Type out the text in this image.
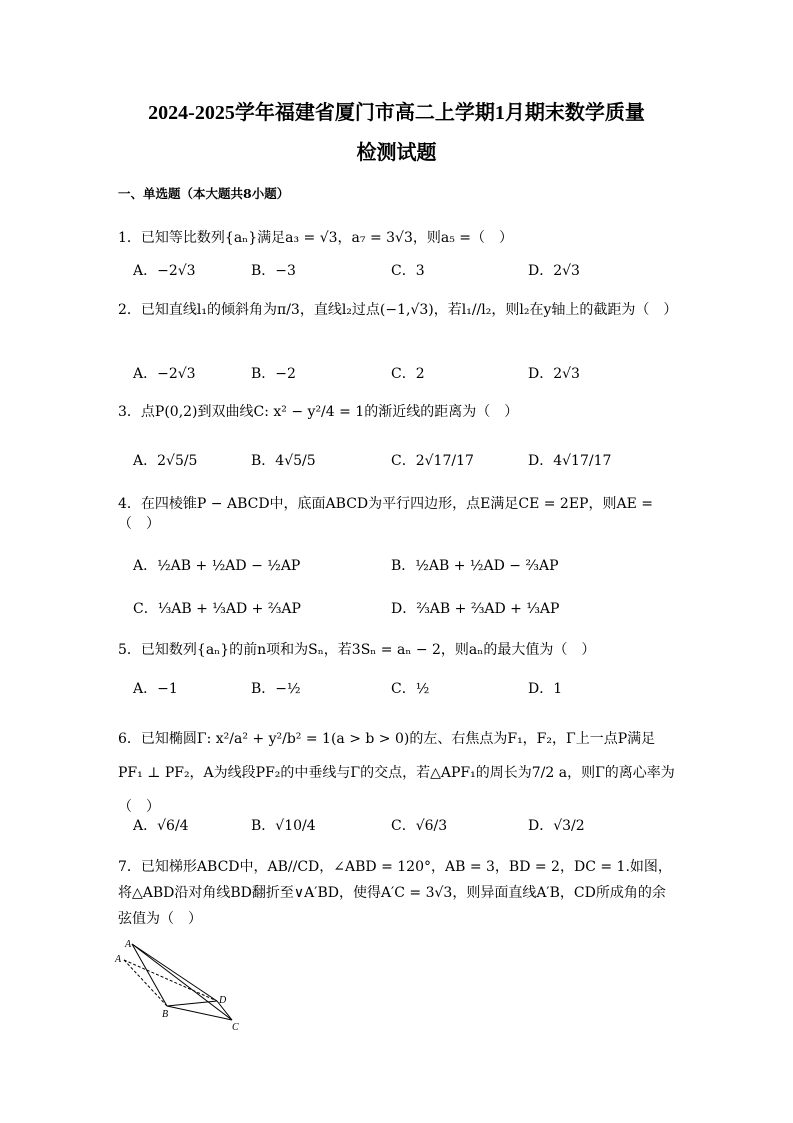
2024-2025学年福建省厦门市高二上学期1月期末数学质量
检测试题
一、单选题（本大题共8小题）
1．已知等比数列{aₙ}满足a₃ = √3，a₇ = 3√3，则a₅ =（　）
A．−2√3	B．−3	C．3	D．2√3
2．已知直线l₁的倾斜角为π/3，直线l₂过点(−1,√3)，若l₁//l₂，则l₂在y轴上的截距为（　）
A．−2√3	B．−2	C．2	D．2√3
3．点P(0,2)到双曲线C: x² − y²/4 = 1的渐近线的距离为（　）
A．2√5/5	B．4√5/5	C．2√17/17	D．4√17/17
4．在四棱锥P − ABCD中，底面ABCD为平行四边形，点E满足CE = 2EP，则AE =（　）
A．½AB + ½AD − ½AP	B．½AB + ½AD − ⅔AP
C．⅓AB + ⅓AD + ⅔AP	D．⅔AB + ⅔AD + ⅓AP
5．已知数列{aₙ}的前n项和为Sₙ，若3Sₙ = aₙ − 2，则aₙ的最大值为（　）
A．−1	B．−½	C．½	D．1
6．已知椭圆Γ: x²/a² + y²/b² = 1(a > b > 0)的左、右焦点为F₁，F₂，Γ上一点P满足PF₁ ⊥ PF₂，A为线段PF₂的中垂线与Γ的交点，若△APF₁的周长为7/2 a，则Γ的离心率为（　）
A．√6/4	B．√10/4	C．√6/3	D．√3/2
7．已知梯形ABCD中，AB//CD，∠ABD = 120°，AB = 3，BD = 2，DC = 1.如图，将△ABD沿对角线BD翻折至∨A′BD，使得A′C = 3√3，则异面直线A′B，CD所成角的余弦值为（　）
A
A
B
D
C
